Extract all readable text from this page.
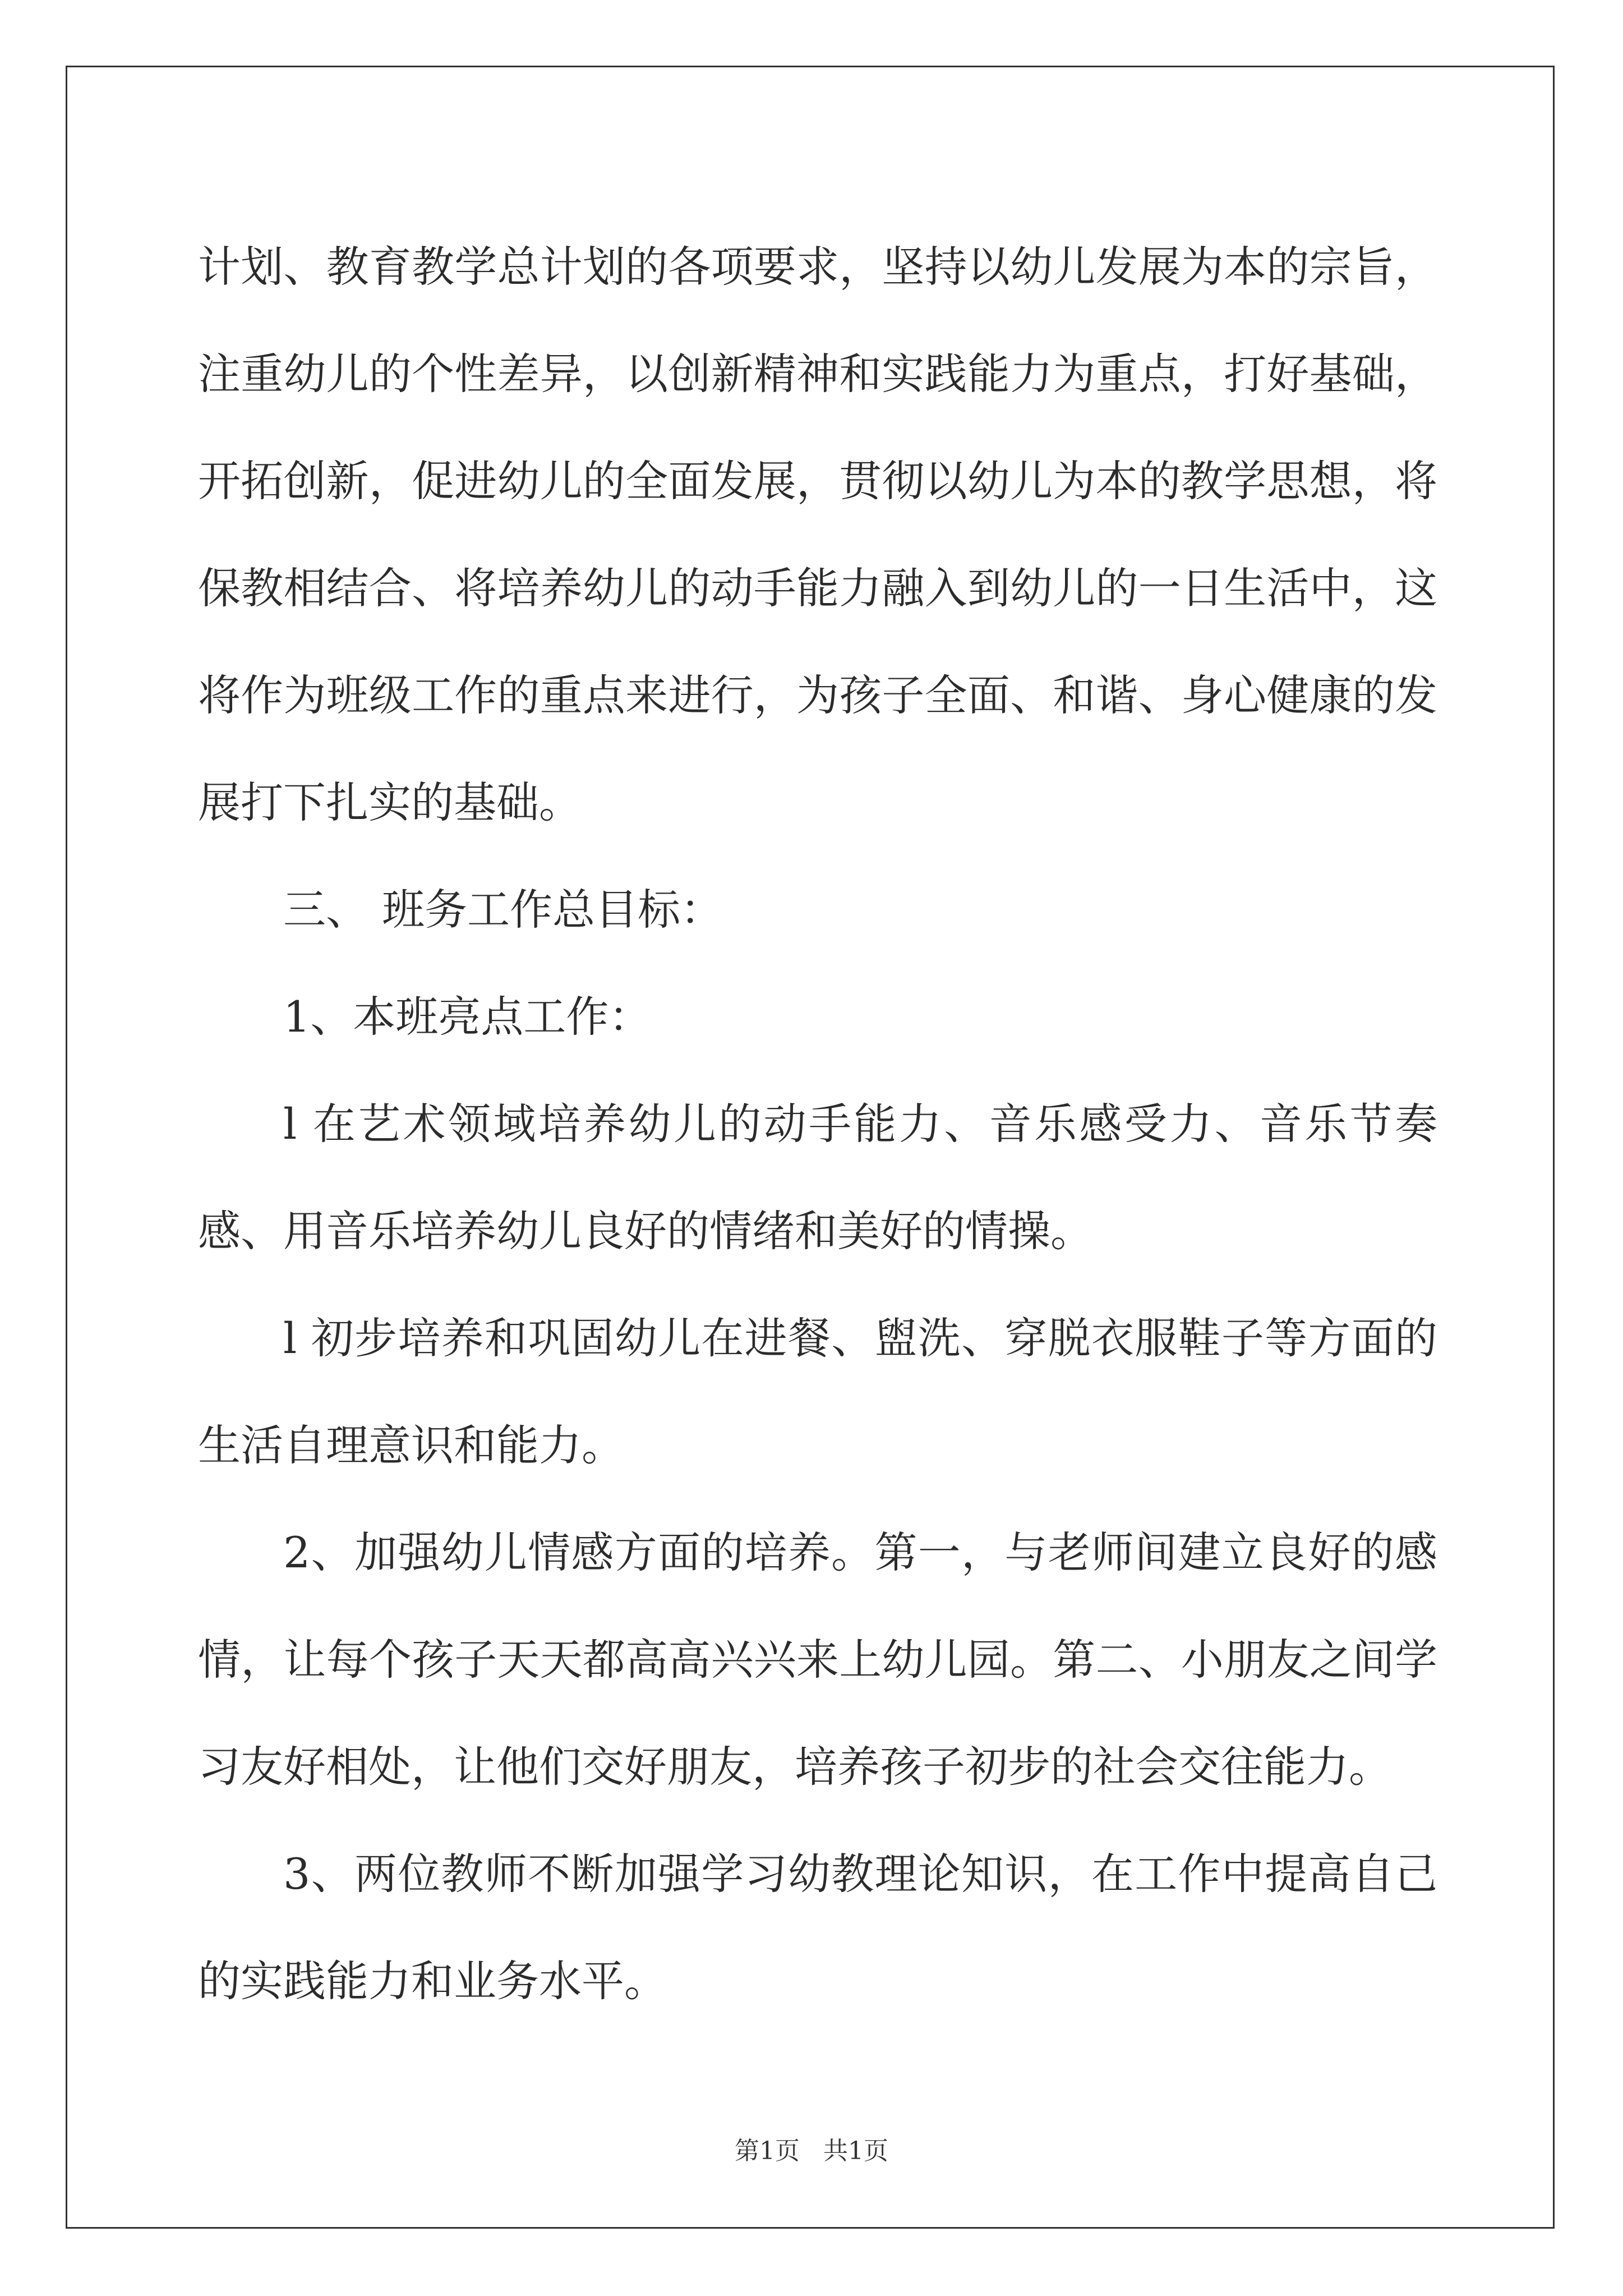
计划、教育教学总计划的各项要求，坚持以幼儿发展为本的宗旨，注重幼儿的个性差异，以创新精神和实践能力为重点，打好基础，开拓创新，促进幼儿的全面发展，贯彻以幼儿为本的教学思想，将保教相结合、将培养幼儿的动手能力融入到幼儿的一日生活中，这将作为班级工作的重点来进行，为孩子全面、和谐、身心健康的发展打下扎实的基础。

三、 班务工作总目标：

1、本班亮点工作：

l 在艺术领域培养幼儿的动手能力、音乐感受力、音乐节奏感、用音乐培养幼儿良好的情绪和美好的情操。

l 初步培养和巩固幼儿在进餐、盥洗、穿脱衣服鞋子等方面的生活自理意识和能力。

2、加强幼儿情感方面的培养。第一，与老师间建立良好的感情，让每个孩子天天都高高兴兴来上幼儿园。第二、小朋友之间学习友好相处，让他们交好朋友，培养孩子初步的社会交往能力。

3、两位教师不断加强学习幼教理论知识，在工作中提高自己的实践能力和业务水平。

第1页   共1页
